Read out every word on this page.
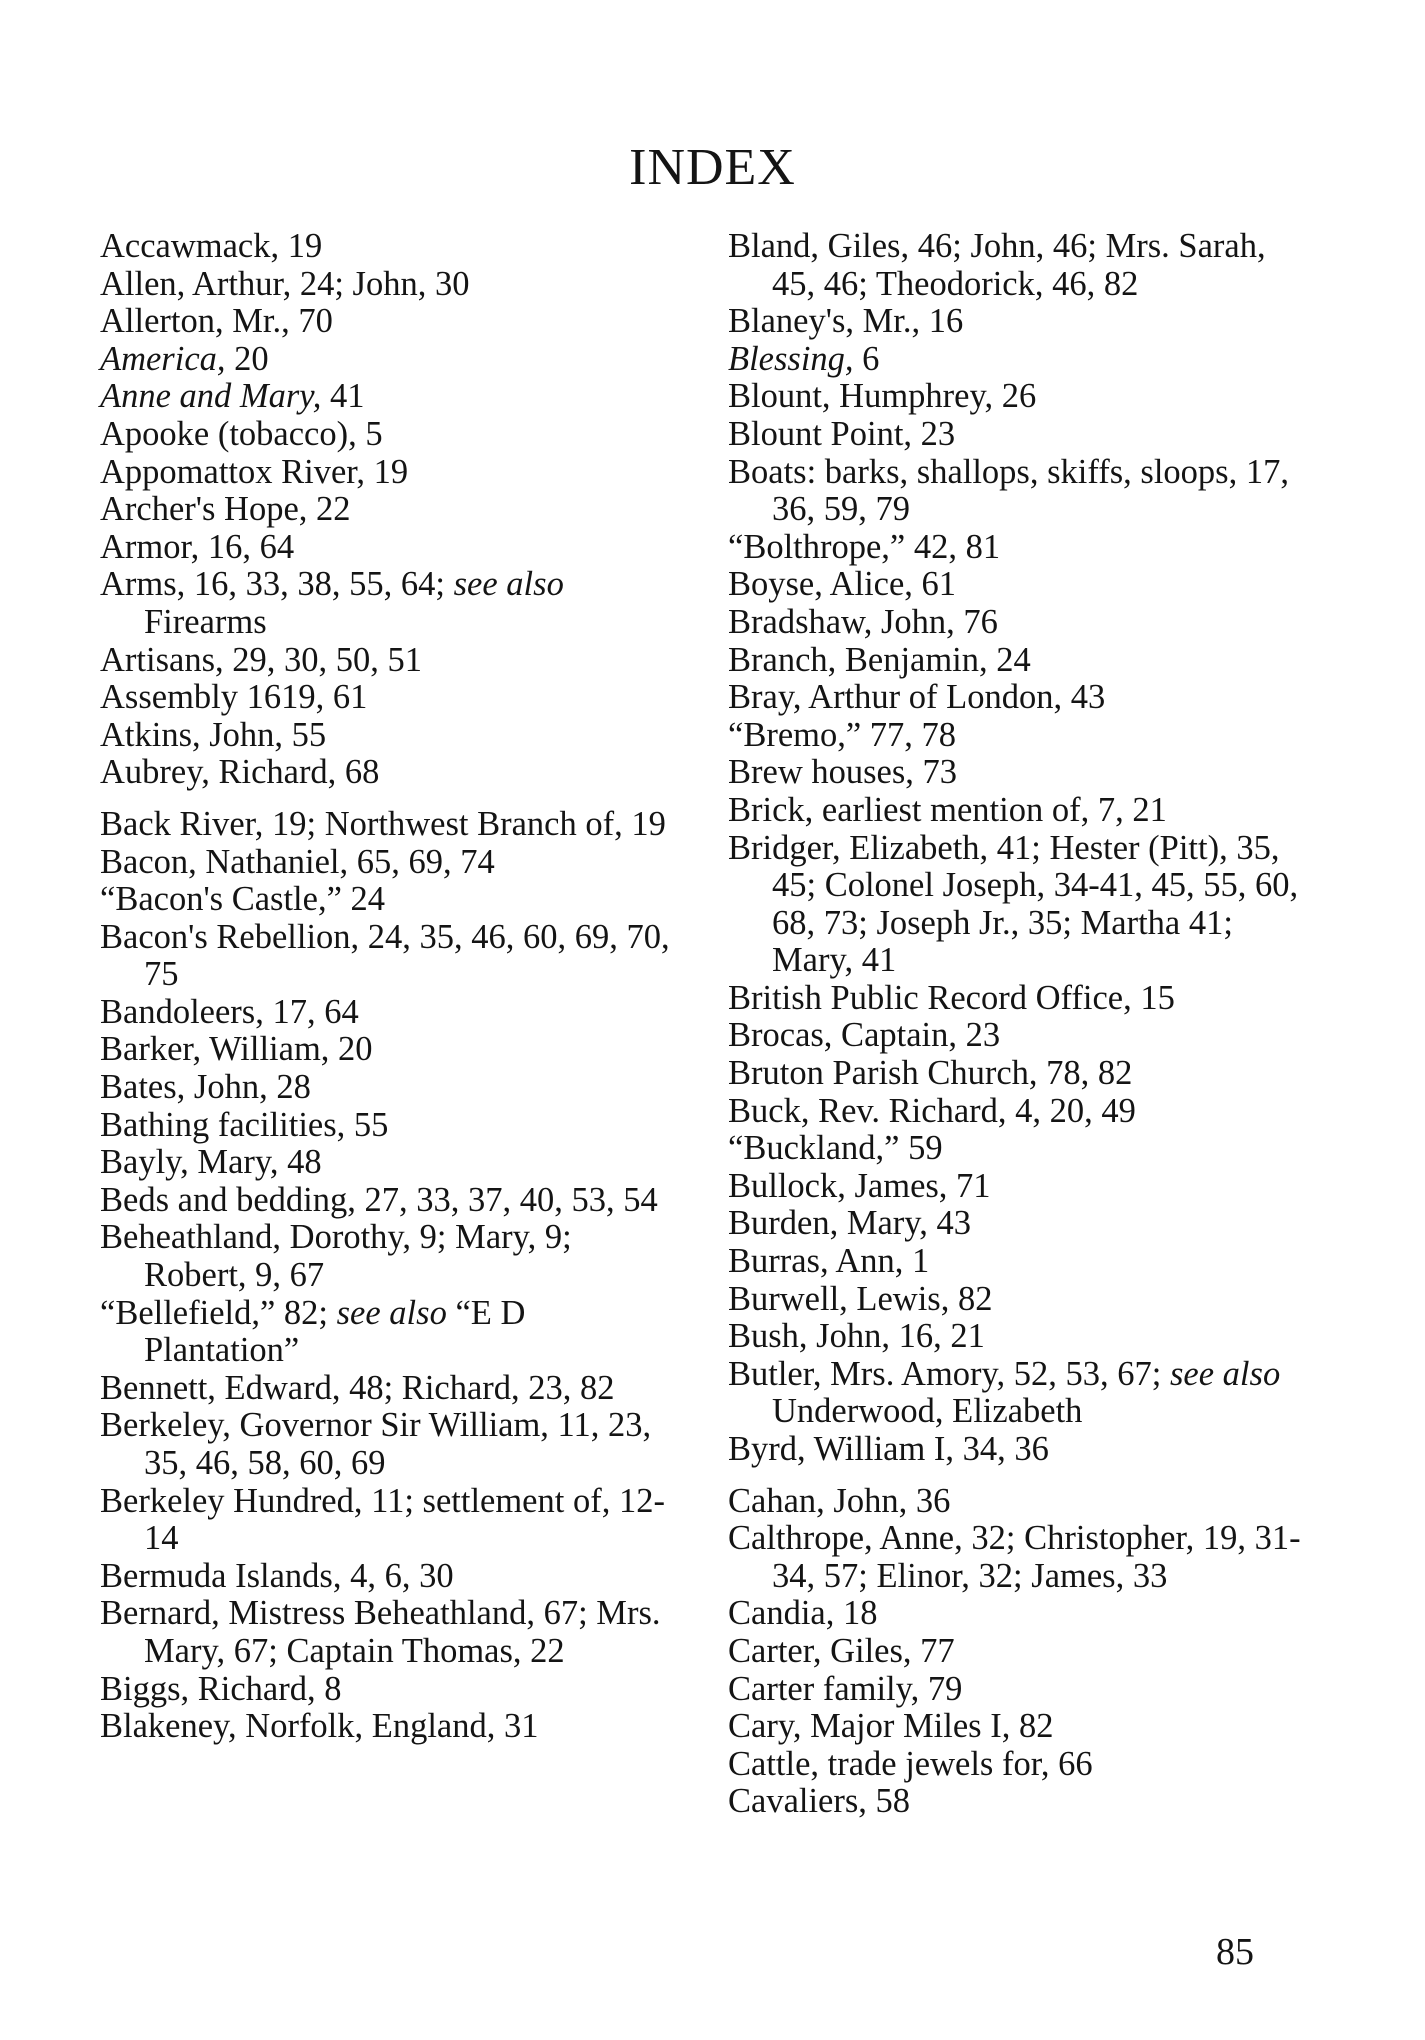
INDEX
Accawmack, 19
Allen, Arthur, 24; John, 30
Allerton, Mr., 70
America, 20
Anne and Mary, 41
Apooke (tobacco), 5
Appomattox River, 19
Archer's Hope, 22
Armor, 16, 64
Arms, 16, 33, 38, 55, 64; see also Firearms
Artisans, 29, 30, 50, 51
Assembly 1619, 61
Atkins, John, 55
Aubrey, Richard, 68
Back River, 19; Northwest Branch of, 19
Bacon, Nathaniel, 65, 69, 74
“Bacon's Castle,” 24
Bacon's Rebellion, 24, 35, 46, 60, 69, 70, 75
Bandoleers, 17, 64
Barker, William, 20
Bates, John, 28
Bathing facilities, 55
Bayly, Mary, 48
Beds and bedding, 27, 33, 37, 40, 53, 54
Beheathland, Dorothy, 9; Mary, 9; Robert, 9, 67
“Bellefield,” 82; see also “E D Plantation”
Bennett, Edward, 48; Richard, 23, 82
Berkeley, Governor Sir William, 11, 23, 35, 46, 58, 60, 69
Berkeley Hundred, 11; settlement of, 12-14
Bermuda Islands, 4, 6, 30
Bernard, Mistress Beheathland, 67; Mrs. Mary, 67; Captain Thomas, 22
Biggs, Richard, 8
Blakeney, Norfolk, England, 31
Bland, Giles, 46; John, 46; Mrs. Sarah, 45, 46; Theodorick, 46, 82
Blaney's, Mr., 16
Blessing, 6
Blount, Humphrey, 26
Blount Point, 23
Boats: barks, shallops, skiffs, sloops, 17, 36, 59, 79
“Bolthrope,” 42, 81
Boyse, Alice, 61
Bradshaw, John, 76
Branch, Benjamin, 24
Bray, Arthur of London, 43
“Bremo,” 77, 78
Brew houses, 73
Brick, earliest mention of, 7, 21
Bridger, Elizabeth, 41; Hester (Pitt), 35, 45; Colonel Joseph, 34-41, 45, 55, 60, 68, 73; Joseph Jr., 35; Martha 41; Mary, 41
British Public Record Office, 15
Brocas, Captain, 23
Bruton Parish Church, 78, 82
Buck, Rev. Richard, 4, 20, 49
“Buckland,” 59
Bullock, James, 71
Burden, Mary, 43
Burras, Ann, 1
Burwell, Lewis, 82
Bush, John, 16, 21
Butler, Mrs. Amory, 52, 53, 67; see also Underwood, Elizabeth
Byrd, William I, 34, 36
Cahan, John, 36
Calthrope, Anne, 32; Christopher, 19, 31-34, 57; Elinor, 32; James, 33
Candia, 18
Carter, Giles, 77
Carter family, 79
Cary, Major Miles I, 82
Cattle, trade jewels for, 66
Cavaliers, 58
85
